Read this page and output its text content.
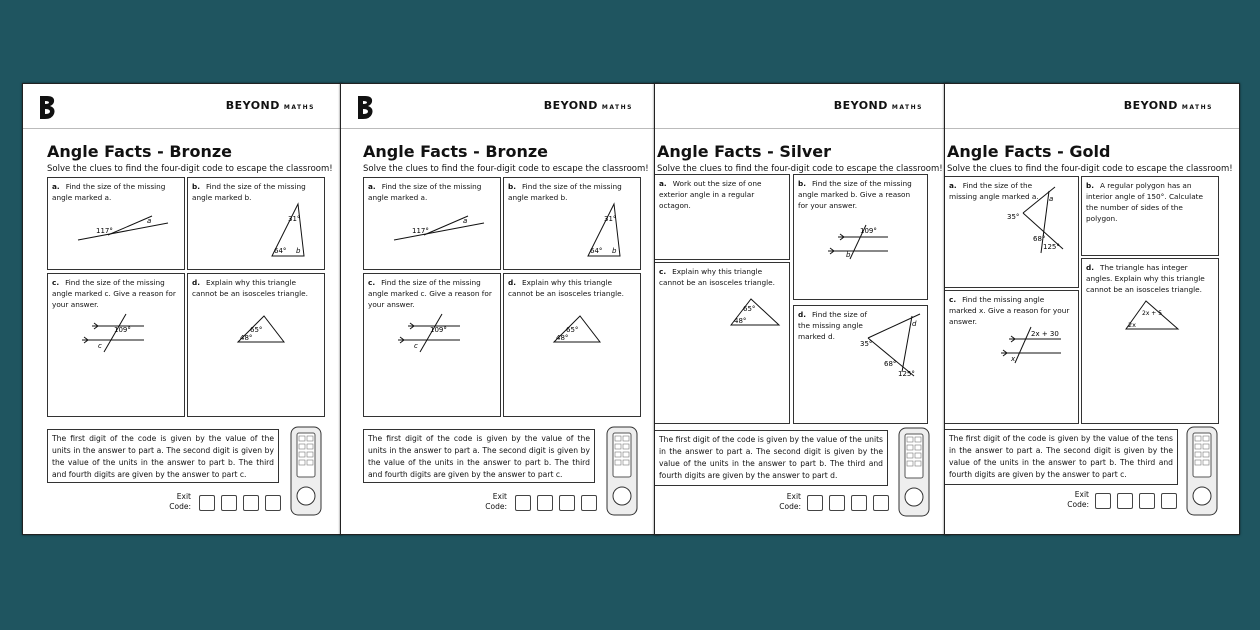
BEYOND MATHS
Angle Facts - Bronze
Solve the clues to find the four-digit code to escape the classroom!
a. Find the size of the missing angle marked a.
117°
a
b. Find the size of the missing angle marked b.
31°
64° b
c. Find the size of the missing angle marked c. Give a reason for your answer.
109°
c
d. Explain why this triangle cannot be an isosceles triangle.
65°
48°
The first digit of the code is given by the value of the units in the answer to part a. The second digit is given by the value of the units in the answer to part b. The third and fourth digits are given by the answer to part c.
Exit
Code:
BEYOND MATHS
Angle Facts - Bronze
Solve the clues to find the four-digit code to escape the classroom!
a. Find the size of the missing angle marked a.
117°
a
b. Find the size of the missing angle marked b.
31°
64° b
c. Find the size of the missing angle marked c. Give a reason for your answer.
109°
c
d. Explain why this triangle cannot be an isosceles triangle.
65°
48°
The first digit of the code is given by the value of the units in the answer to part a. The second digit is given by the value of the units in the answer to part b. The third and fourth digits are given by the answer to part c.
Exit
Code:
BEYOND MATHS
Angle Facts - Silver
Solve the clues to find the four-digit code to escape the classroom!
a. Work out the size of one exterior angle in a regular octagon.
b. Find the size of the missing angle marked b. Give a reason for your answer.
109°
b
c. Explain why this triangle cannot be an isosceles triangle.
65°
48°
d. Find the size of the missing angle marked d.
35°
d
68°
125°
The first digit of the code is given by the value of the units in the answer to part a. The second digit is given by the value of the units in the answer to part b. The third and fourth digits are given by the answer to part d.
Exit
Code:
BEYOND MATHS
Angle Facts - Gold
Solve the clues to find the four-digit code to escape the classroom!
a. Find the size of the missing angle marked a.
35°
a
68°
125°
b. A regular polygon has an interior angle of 150°. Calculate the number of sides of the polygon.
c. Find the missing angle marked x. Give a reason for your answer.
2x + 30
x
d. The triangle has integer angles. Explain why this triangle cannot be an isosceles triangle.
2x + 5
2x
The first digit of the code is given by the value of the tens in the answer to part a. The second digit is given by the value of the units in the answer to part b. The third and fourth digits are given by the answer to part c.
Exit
Code:
